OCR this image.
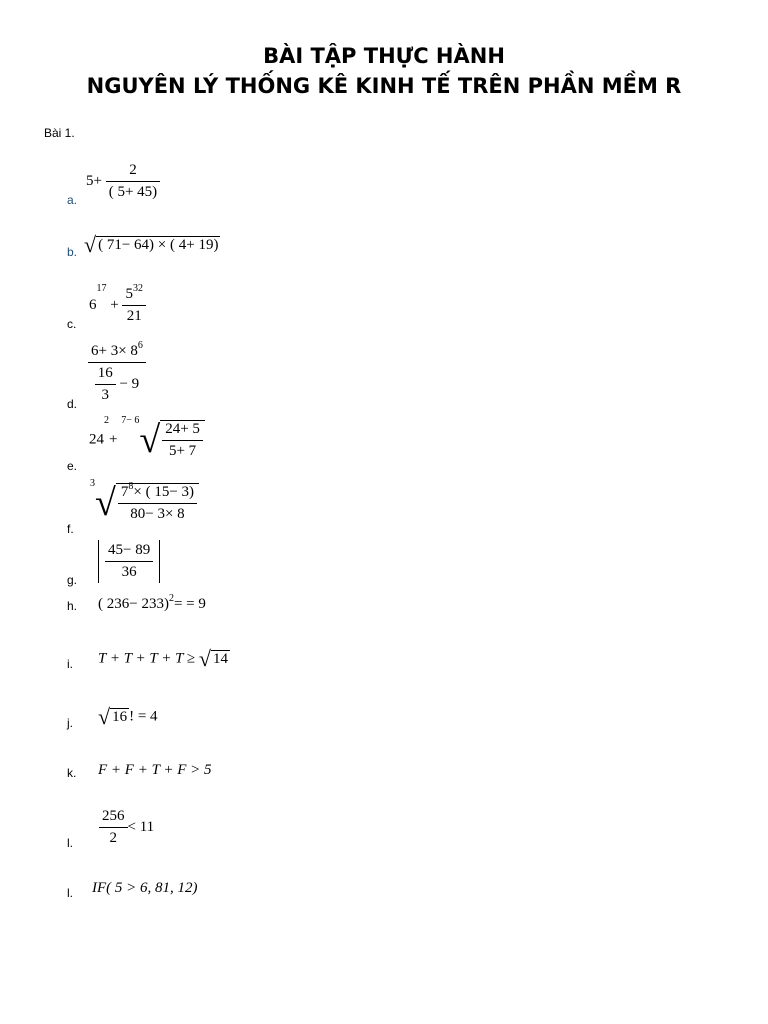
BÀI TẬP THỰC HÀNH
NGUYÊN LÝ THỐNG KÊ KINH TẾ TRÊN PHẦN MỀM R
Bài 1.
a.
$5+ \frac{2}{( 5+ 45)}$
b. √ ( 71− 64) × ( 4+ 19)
c.
$6^{17} + \frac{5^{32}}{21}$
d. $\frac{6+ 3\times 8^6}{\frac{16}{3} - 9}$
e.
$24^2+ ^{7- 6}√ \frac{24+ 5}{5+ 7}$
f.
$^3√ \frac{7^8\times ( 15- 3)}{80- 3\times 8}$
g. $\frac{45- 89}{36}$
h. ( 236− 233)$^2$= = 9
i. T + T + T + T ≥ √ 14
j. √ 16 ! = 4
k. F + F + T + F > 5
l. $\frac{256}{2} < 11$
l. IF( 5 > 6, 81, 12)
